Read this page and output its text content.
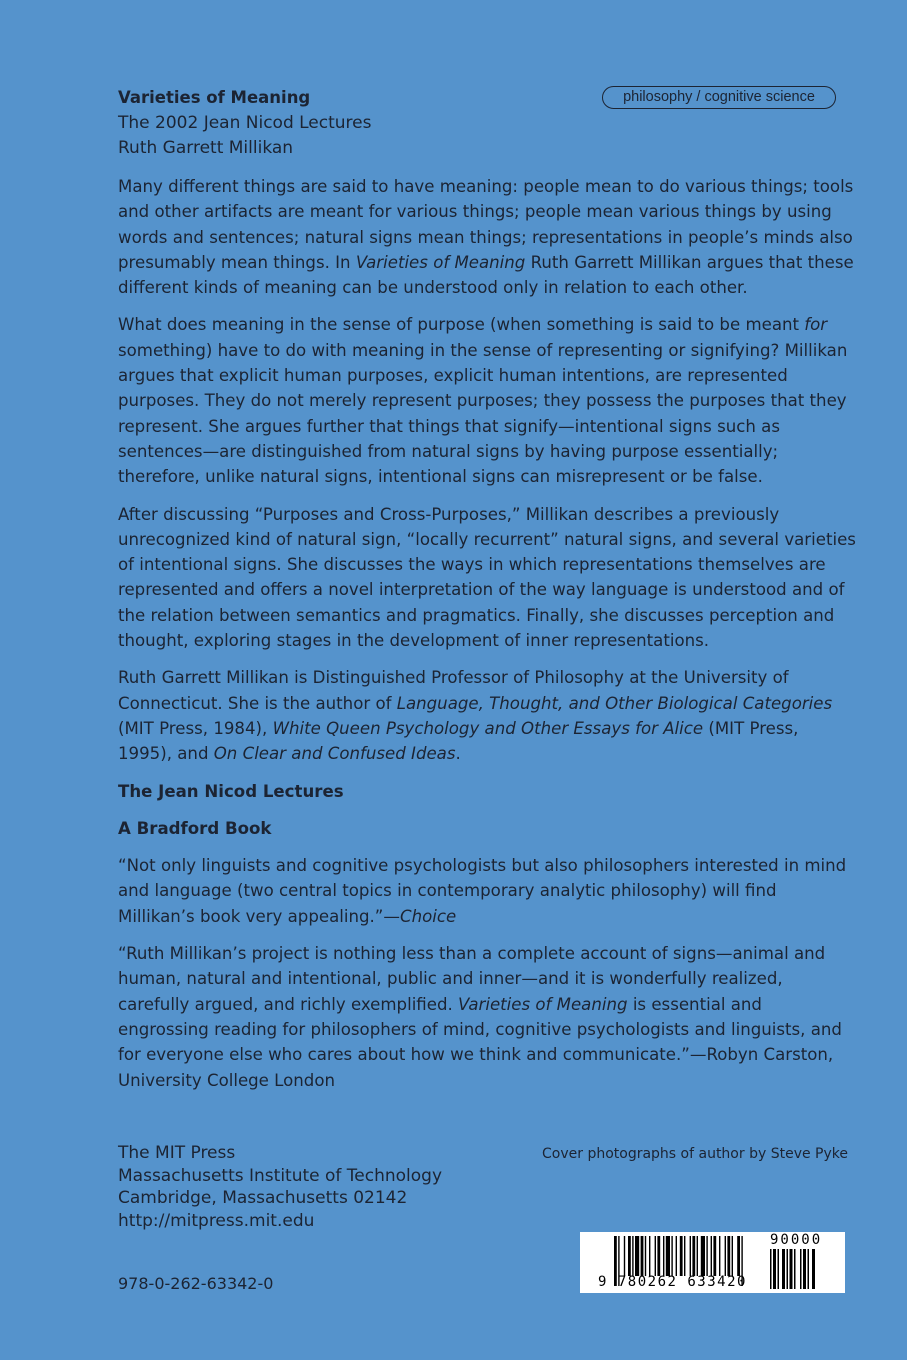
Varieties of Meaning
The 2002 Jean Nicod Lectures
Ruth Garrett Millikan
philosophy / cognitive science

Many different things are said to have meaning: people mean to do various things; tools and other artifacts are meant for various things; people mean various things by using words and sentences; natural signs mean things; representations in people’s minds also presumably mean things. In Varieties of Meaning Ruth Garrett Millikan argues that these different kinds of meaning can be understood only in relation to each other.

What does meaning in the sense of purpose (when something is said to be meant for something) have to do with meaning in the sense of representing or signifying? Millikan argues that explicit human purposes, explicit human intentions, are represented purposes. They do not merely represent purposes; they possess the purposes that they represent. She argues further that things that signify—intentional signs such as sentences—are distinguished from natural signs by having purpose essentially; therefore, unlike natural signs, intentional signs can misrepresent or be false.

After discussing “Purposes and Cross-Purposes,” Millikan describes a previously unrecognized kind of natural sign, “locally recurrent” natural signs, and several varieties of intentional signs. She discusses the ways in which representations themselves are represented and offers a novel interpretation of the way language is understood and of the relation between semantics and pragmatics. Finally, she discusses perception and thought, exploring stages in the development of inner representations.

Ruth Garrett Millikan is Distinguished Professor of Philosophy at the University of Connecticut. She is the author of Language, Thought, and Other Biological Categories (MIT Press, 1984), White Queen Psychology and Other Essays for Alice (MIT Press, 1995), and On Clear and Confused Ideas.

The Jean Nicod Lectures

A Bradford Book

“Not only linguists and cognitive psychologists but also philosophers interested in mind and language (two central topics in contemporary analytic philosophy) will find Millikan’s book very appealing.”—Choice

“Ruth Millikan’s project is nothing less than a complete account of signs—animal and human, natural and intentional, public and inner—and it is wonderfully realized, carefully argued, and richly exemplified. Varieties of Meaning is essential and engrossing reading for philosophers of mind, cognitive psychologists and linguists, and for everyone else who cares about how we think and communicate.”—Robyn Carston, University College London

The MIT Press
Massachusetts Institute of Technology
Cambridge, Massachusetts 02142
http://mitpress.mit.edu
Cover photographs of author by Steve Pyke
978-0-262-63342-0	9 780262 633420
90000
